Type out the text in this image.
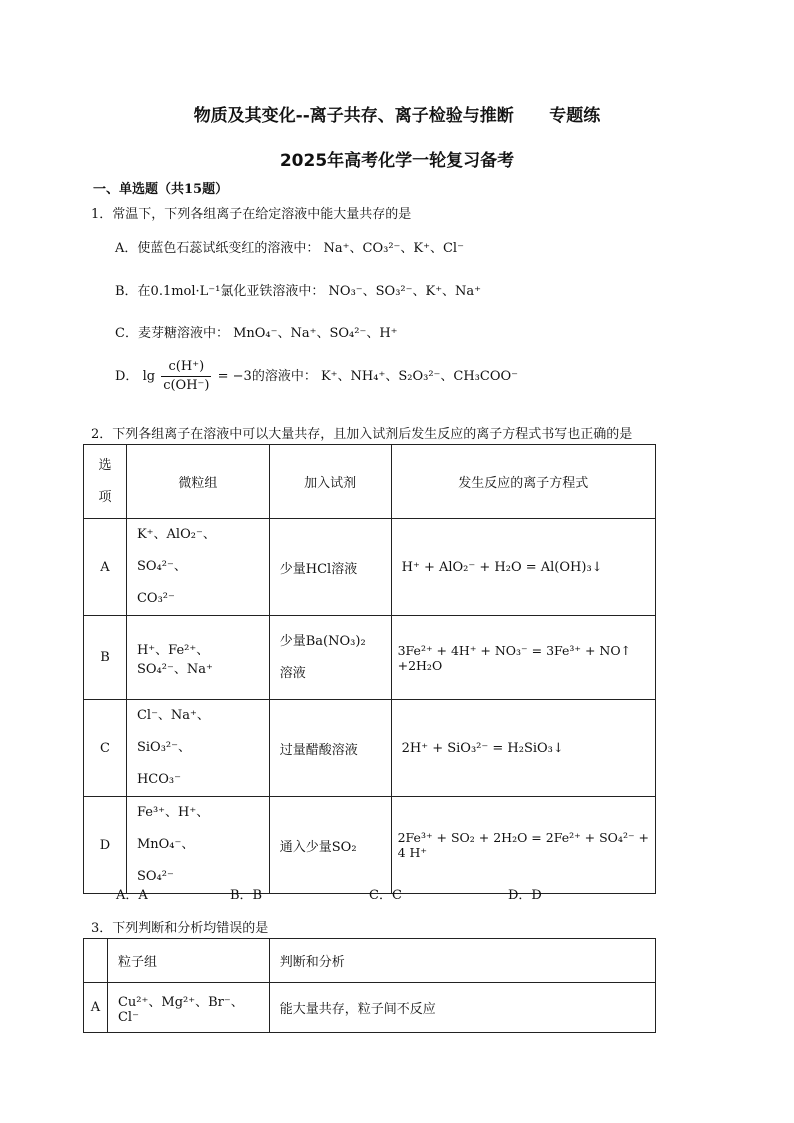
物质及其变化--离子共存、离子检验与推断      专题练
2025年高考化学一轮复习备考
一、单选题（共15题）
1．常温下，下列各组离子在给定溶液中能大量共存的是
A．使蓝色石蕊试纸变红的溶液中： Na⁺、CO₃²⁻、K⁺、Cl⁻
B．在0.1mol·L⁻¹氯化亚铁溶液中： NO₃⁻、SO₃²⁻、K⁺、Na⁺
C．麦芽糖溶液中： MnO₄⁻、Na⁺、SO₄²⁻、H⁺
D． $\lg \frac{c(H^+)}{c(OH^-)} = -3$的溶液中： K⁺、NH₄⁺、S₂O₃²⁻、CH₃COO⁻
2．下列各组离子在溶液中可以大量共存，且加入试剂后发生反应的离子方程式书写也正确的是
选
项	微粒组	加入试剂	发生反应的离子方程式
A	K⁺、AlO₂⁻、SO₄²⁻、
CO₃²⁻	少量HCl溶液	H⁺ + AlO₂⁻ + H₂O = Al(OH)₃↓
B	H⁺、Fe²⁺、SO₄²⁻、Na⁺	少量Ba(NO₃)₂
溶液	3Fe²⁺ + 4H⁺ + NO₃⁻ = 3Fe³⁺ + NO↑ +2H₂O
C	Cl⁻、Na⁺、SiO₃²⁻、
HCO₃⁻	过量醋酸溶液	2H⁺ + SiO₃²⁻ = H₂SiO₃↓
D	Fe³⁺、H⁺、MnO₄⁻、
SO₄²⁻	通入少量SO₂	2Fe³⁺ + SO₂ + 2H₂O = 2Fe²⁺ + SO₄²⁻ + 4 H⁺
A．A	B．B	C．C	D．D
3．下列判断和分析均错误的是
	粒子组	判断和分析
A	Cu²⁺、Mg²⁺、Br⁻、Cl⁻	能大量共存，粒子间不反应
